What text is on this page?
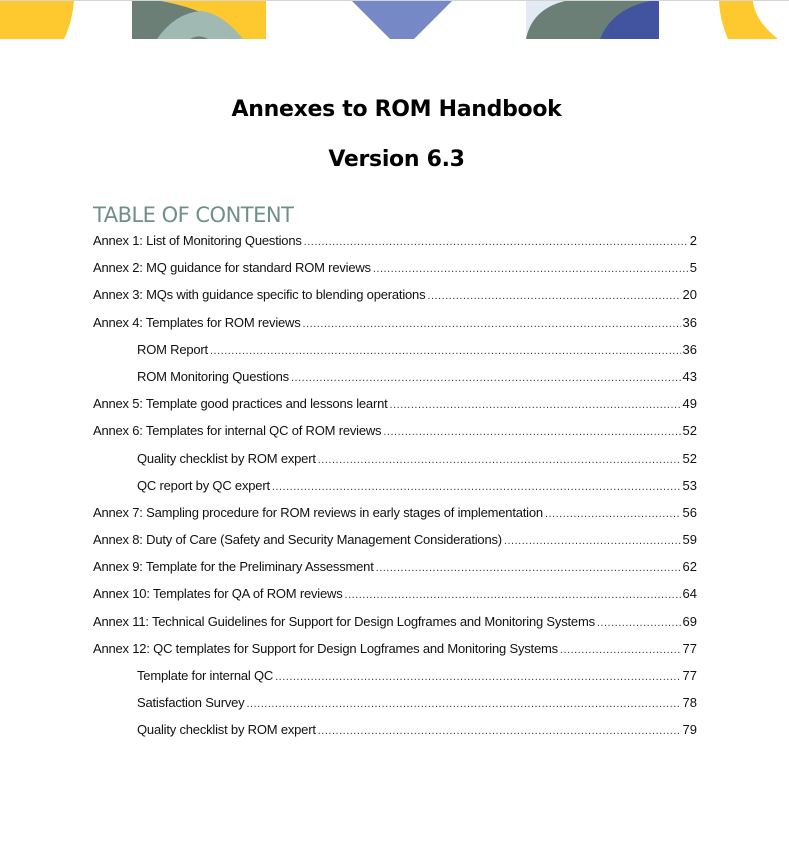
Annexes to ROM Handbook
Version 6.3
TABLE OF CONTENT
Annex 1: List of Monitoring Questions .....	2
Annex 2: MQ guidance for standard ROM reviews .....	5
Annex 3: MQs with guidance specific to blending operations .....	20
Annex 4: Templates for ROM reviews .....	36
ROM Report .....	36
ROM Monitoring Questions .....	43
Annex 5: Template good practices and lessons learnt .....	49
Annex 6: Templates for internal QC of ROM reviews .....	52
Quality checklist by ROM expert .....	52
QC report by QC expert .....	53
Annex 7: Sampling procedure for ROM reviews in early stages of implementation .....	56
Annex 8: Duty of Care (Safety and Security Management Considerations) .....	59
Annex 9: Template for the Preliminary Assessment .....	62
Annex 10: Templates for QA of ROM reviews .....	64
Annex 11: Technical Guidelines for Support for Design Logframes and Monitoring Systems .....	69
Annex 12: QC templates for Support for Design Logframes and Monitoring Systems .....	77
Template for internal QC .....	77
Satisfaction Survey .....	78
Quality checklist by ROM expert .....	79
